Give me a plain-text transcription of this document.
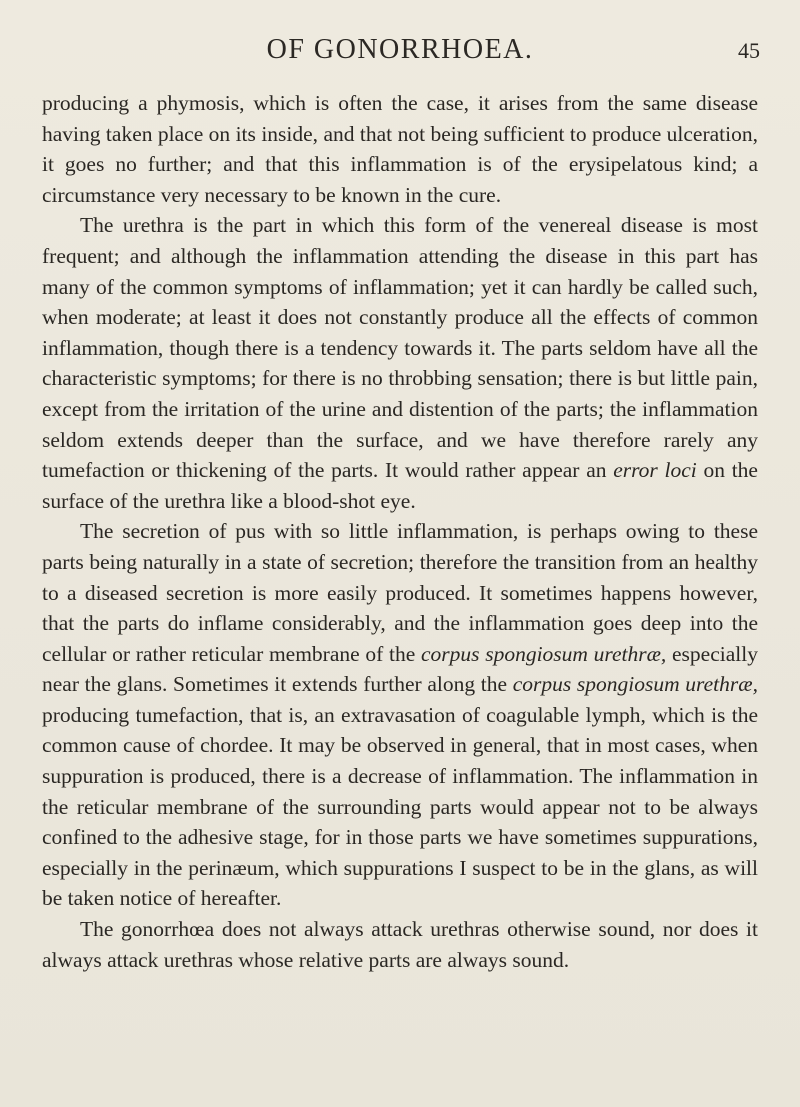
OF GONORRHOEA.	45

producing a phymosis, which is often the case, it arises from the same disease having taken place on its inside, and that not being sufficient to produce ulceration, it goes no further; and that this inflammation is of the erysipelatous kind; a circumstance very necessary to be known in the cure.

The urethra is the part in which this form of the venereal disease is most frequent; and although the inflammation attending the disease in this part has many of the common symptoms of inflammation; yet it can hardly be called such, when moderate; at least it does not constantly produce all the effects of common inflammation, though there is a tendency towards it. The parts seldom have all the characteristic symptoms; for there is no throbbing sensation; there is but little pain, except from the irritation of the urine and distention of the parts; the inflammation seldom extends deeper than the surface, and we have therefore rarely any tumefaction or thickening of the parts. It would rather appear an error loci on the surface of the urethra like a blood-shot eye.

The secretion of pus with so little inflammation, is perhaps owing to these parts being naturally in a state of secretion; therefore the transition from an healthy to a diseased secretion is more easily produced. It sometimes happens however, that the parts do inflame considerably, and the inflammation goes deep into the cellular or rather reticular membrane of the corpus spongiosum urethræ, especially near the glans. Sometimes it extends further along the corpus spongiosum urethræ, producing tumefaction, that is, an extravasation of coagulable lymph, which is the common cause of chordee. It may be observed in general, that in most cases, when suppuration is produced, there is a decrease of inflammation. The inflammation in the reticular membrane of the surrounding parts would appear not to be always confined to the adhesive stage, for in those parts we have sometimes suppurations, especially in the perinæum, which suppurations I suspect to be in the glans, as will be taken notice of hereafter.

The gonorrhœa does not always attack urethras otherwise sound, nor does it always attack urethras whose relative parts are always sound.
